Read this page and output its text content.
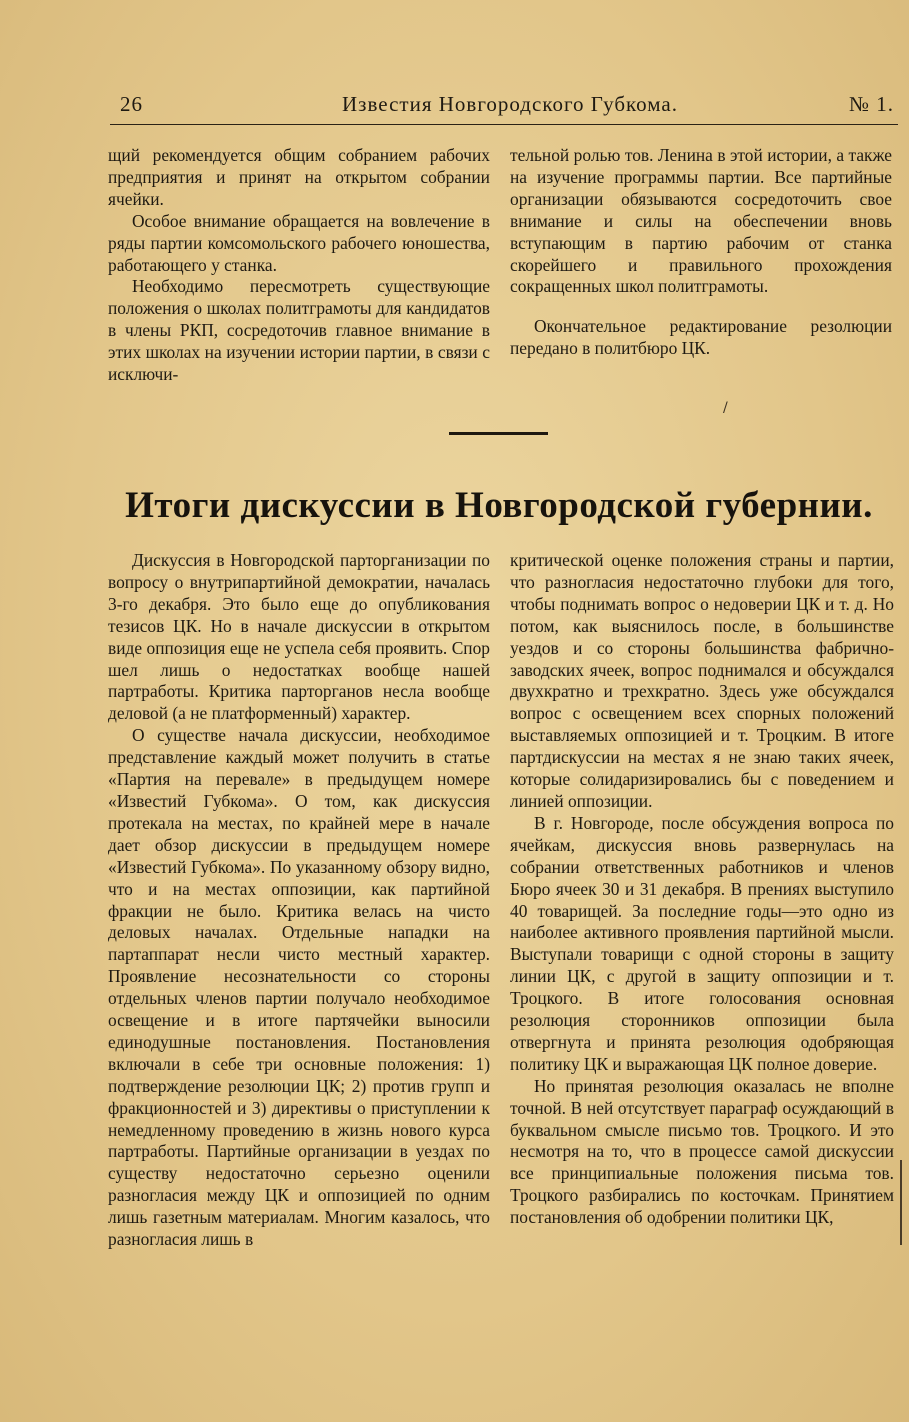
26	Известия Новгородского Губкома.	№ 1.

щий рекомендуется общим собранием рабочих предприятия и принят на открытом собрании ячейки.

Особое внимание обращается на вовлечение в ряды партии комсомольского рабочего юношества, работающего у станка.

Необходимо пересмотреть существующие положения о школах политграмоты для кандидатов в члены РКП, сосредоточив главное внимание в этих школах на изучении истории партии, в связи с исключи-

тельной ролью тов. Ленина в этой истории, а также на изучение программы партии. Все партийные организации обязываются сосредоточить свое внимание и силы на обеспечении вновь вступающим в партию рабочим от станка скорейшего и правильного прохождения сокращенных школ политграмоты.

Окончательное редактирование резолюции передано в политбюро ЦК.

/
Итоги дискуссии в Новгородской губернии.

Дискуссия в Новгородской парторганизации по вопросу о внутрипартийной демократии, началась 3-го декабря. Это было еще до опубликования тезисов ЦК. Но в начале дискуссии в открытом виде оппозиция еще не успела себя проявить. Спор шел лишь о недостатках вообще нашей партработы. Критика парторганов несла вообще деловой (а не платформенный) характер.

О существе начала дискуссии, необходимое представление каждый может получить в статье «Партия на перевале» в предыдущем номере «Известий Губкома». О том, как дискуссия протекала на местах, по крайней мере в начале дает обзор дискуссии в предыдущем номере «Известий Губкома». По указанному обзору видно, что и на местах оппозиции, как партийной фракции не было. Критика велась на чисто деловых началах. Отдельные нападки на партаппарат несли чисто местный характер. Проявление несознательности со стороны отдельных членов партии получало необходимое освещение и в итоге партячейки выносили единодушные постановления. Постановления включали в себе три основные положения: 1) подтверждение резолюции ЦК; 2) против групп и фракционностей и 3) директивы о приступлении к немедленному проведению в жизнь нового курса партработы. Партийные организации в уездах по существу недостаточно серьезно оценили разногласия между ЦК и оппозицией по одним лишь газетным материалам. Многим казалось, что разногласия лишь в

критической оценке положения страны и партии, что разногласия недостаточно глубоки для того, чтобы поднимать вопрос о недоверии ЦК и т. д. Но потом, как выяснилось после, в большинстве уездов и со стороны большинства фабрично-заводских ячеек, вопрос поднимался и обсуждался двухкратно и трехкратно. Здесь уже обсуждался вопрос с освещением всех спорных положений выставляемых оппозицией и т. Троцким. В итоге партдискуссии на местах я не знаю таких ячеек, которые солидаризировались бы с поведением и линией оппозиции.

В г. Новгороде, после обсуждения вопроса по ячейкам, дискуссия вновь развернулась на собрании ответственных работников и членов Бюро ячеек 30 и 31 декабря. В прениях выступило 40 товарищей. За последние годы—это одно из наиболее активного проявления партийной мысли. Выступали товарищи с одной стороны в защиту линии ЦК, с другой в защиту оппозиции и т. Троцкого. В итоге голосования основная резолюция сторонников оппозиции была отвергнута и принята резолюция одобряющая политику ЦК и выражающая ЦК полное доверие.

Но принятая резолюция оказалась не вполне точной. В ней отсутствует параграф осуждающий в буквальном смысле письмо тов. Троцкого. И это несмотря на то, что в процессе самой дискуссии все принципиальные положения письма тов. Троцкого разбирались по косточкам. Принятием постановления об одобрении политики ЦК,
